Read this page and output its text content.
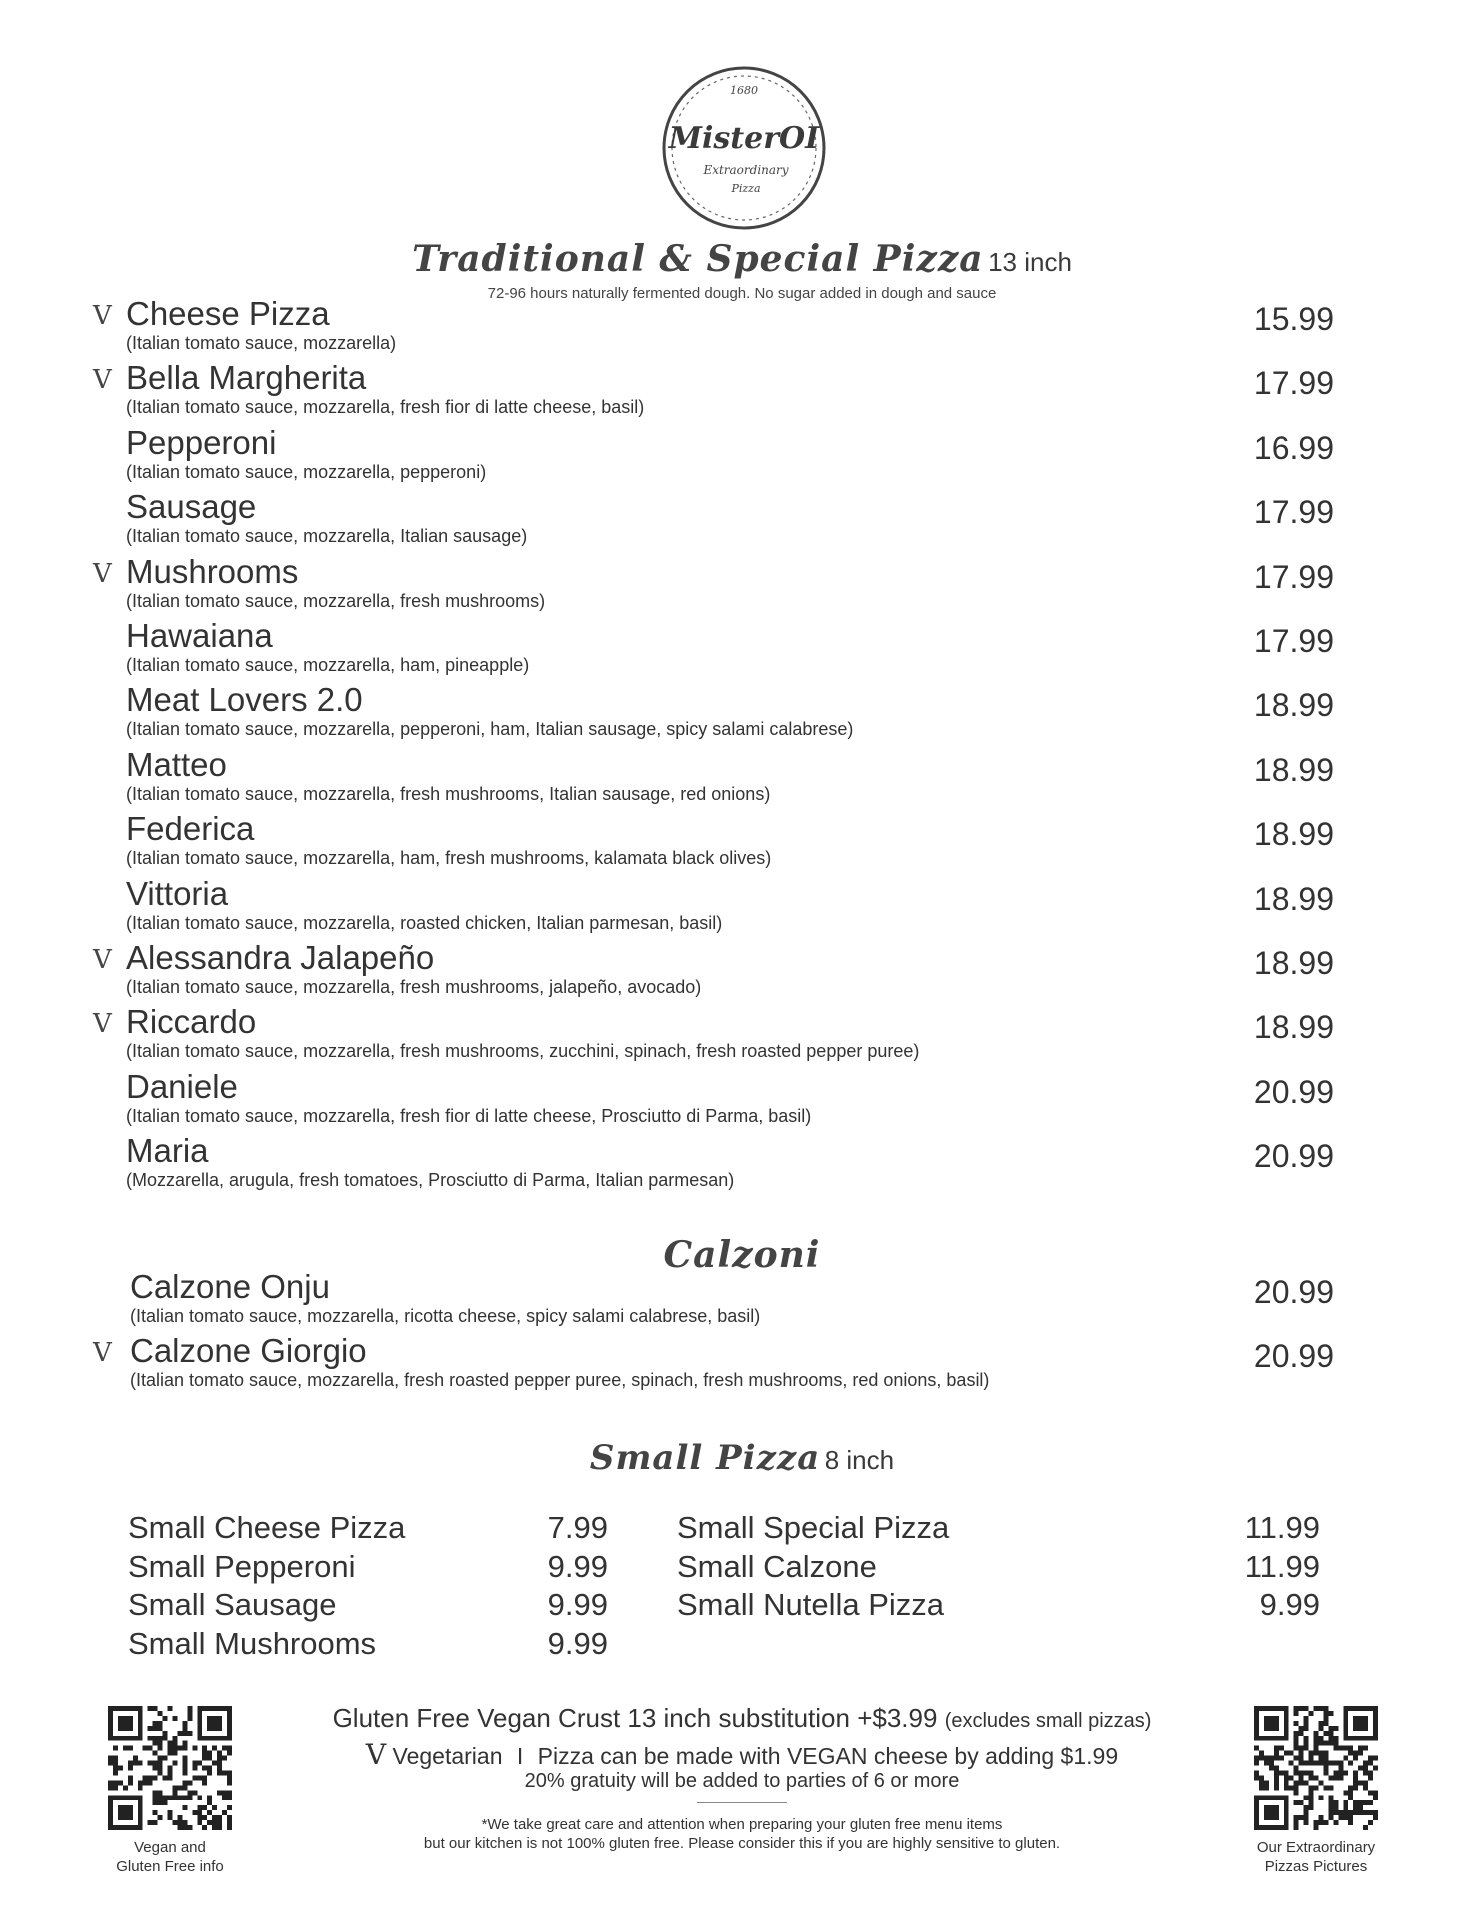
1680
MisterOI
Extraordinary
Pizza
Traditional & Special Pizza 13 inch
72-96 hours naturally fermented dough. No sugar added in dough and sauce
V Cheese Pizza
(Italian tomato sauce, mozzarella)
15.99
V Bella Margherita
(Italian tomato sauce, mozzarella, fresh fior di latte cheese, basil)
17.99
Pepperoni
(Italian tomato sauce, mozzarella, pepperoni)
16.99
Sausage
(Italian tomato sauce, mozzarella, Italian sausage)
17.99
V Mushrooms
(Italian tomato sauce, mozzarella, fresh mushrooms)
17.99
Hawaiana
(Italian tomato sauce, mozzarella, ham, pineapple)
17.99
Meat Lovers 2.0
(Italian tomato sauce, mozzarella, pepperoni, ham, Italian sausage, spicy salami calabrese)
18.99
Matteo
(Italian tomato sauce, mozzarella, fresh mushrooms, Italian sausage, red onions)
18.99
Federica
(Italian tomato sauce, mozzarella, ham, fresh mushrooms, kalamata black olives)
18.99
Vittoria
(Italian tomato sauce, mozzarella, roasted chicken, Italian parmesan, basil)
18.99
V Alessandra Jalapeño
(Italian tomato sauce, mozzarella, fresh mushrooms, jalapeño, avocado)
18.99
V Riccardo
(Italian tomato sauce, mozzarella, fresh mushrooms, zucchini, spinach, fresh roasted pepper puree)
18.99
Daniele
(Italian tomato sauce, mozzarella, fresh fior di latte cheese, Prosciutto di Parma, basil)
20.99
Maria
(Mozzarella, arugula, fresh tomatoes, Prosciutto di Parma, Italian parmesan)
20.99
Calzoni
Calzone Onju
(Italian tomato sauce, mozzarella, ricotta cheese, spicy salami calabrese, basil)
20.99
V Calzone Giorgio
(Italian tomato sauce, mozzarella, fresh roasted pepper puree, spinach, fresh mushrooms, red onions, basil)
20.99
Small Pizza 8 inch
Small Cheese Pizza	7.99
Small Pepperoni	9.99
Small Sausage	9.99
Small Mushrooms	9.99
Small Special Pizza	11.99
Small Calzone	11.99
Small Nutella Pizza	9.99
Vegan and
Gluten Free info
Our Extraordinary
Pizzas Pictures
Gluten Free Vegan Crust 13 inch substitution +$3.99 (excludes small pizzas)
V Vegetarian I Pizza can be made with VEGAN cheese by adding $1.99
20% gratuity will be added to parties of 6 or more
*We take great care and attention when preparing your gluten free menu items
but our kitchen is not 100% gluten free. Please consider this if you are highly sensitive to gluten.
